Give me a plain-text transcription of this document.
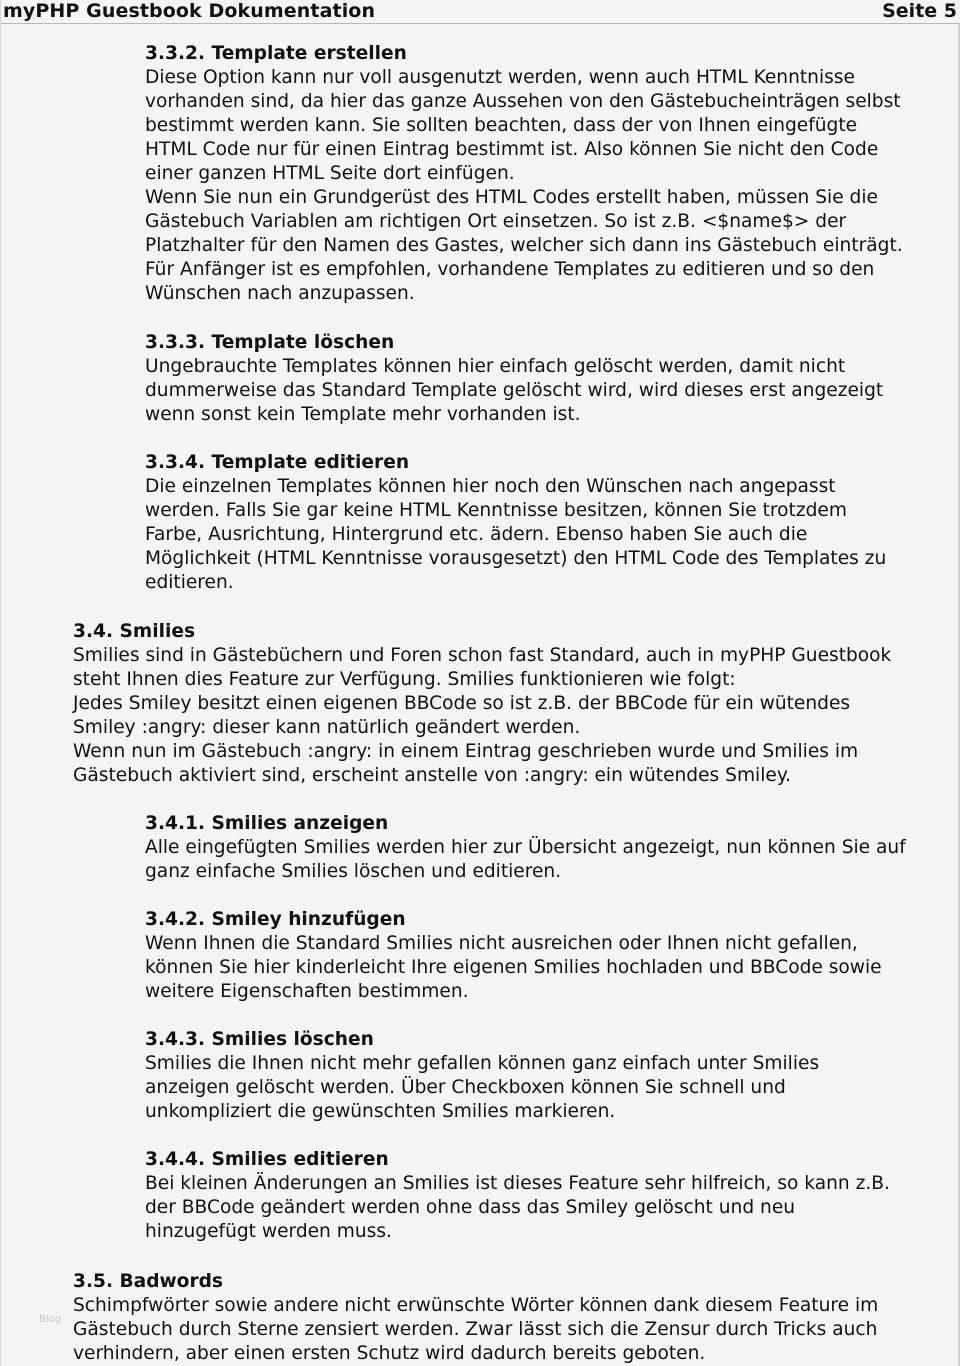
myPHP Guestbook Dokumentation	Seite 5
3.3.2. Template erstellen
Diese Option kann nur voll ausgenutzt werden, wenn auch HTML Kenntnisse
vorhanden sind, da hier das ganze Aussehen von den Gästebucheinträgen selbst
bestimmt werden kann. Sie sollten beachten, dass der von Ihnen eingefügte
HTML Code nur für einen Eintrag bestimmt ist. Also können Sie nicht den Code
einer ganzen HTML Seite dort einfügen.
Wenn Sie nun ein Grundgerüst des HTML Codes erstellt haben, müssen Sie die
Gästebuch Variablen am richtigen Ort einsetzen. So ist z.B. <$name$> der
Platzhalter für den Namen des Gastes, welcher sich dann ins Gästebuch einträgt.
Für Anfänger ist es empfohlen, vorhandene Templates zu editieren und so den
Wünschen nach anzupassen.
3.3.3. Template löschen
Ungebrauchte Templates können hier einfach gelöscht werden, damit nicht
dummerweise das Standard Template gelöscht wird, wird dieses erst angezeigt
wenn sonst kein Template mehr vorhanden ist.
3.3.4. Template editieren
Die einzelnen Templates können hier noch den Wünschen nach angepasst
werden. Falls Sie gar keine HTML Kenntnisse besitzen, können Sie trotzdem
Farbe, Ausrichtung, Hintergrund etc. ädern. Ebenso haben Sie auch die
Möglichkeit (HTML Kenntnisse vorausgesetzt) den HTML Code des Templates zu
editieren.
3.4. Smilies
Smilies sind in Gästebüchern und Foren schon fast Standard, auch in myPHP Guestbook
steht Ihnen dies Feature zur Verfügung. Smilies funktionieren wie folgt:
Jedes Smiley besitzt einen eigenen BBCode so ist z.B. der BBCode für ein wütendes
Smiley :angry: dieser kann natürlich geändert werden.
Wenn nun im Gästebuch :angry: in einem Eintrag geschrieben wurde und Smilies im
Gästebuch aktiviert sind, erscheint anstelle von :angry: ein wütendes Smiley.
3.4.1. Smilies anzeigen
Alle eingefügten Smilies werden hier zur Übersicht angezeigt, nun können Sie auf
ganz einfache Smilies löschen und editieren.
3.4.2. Smiley hinzufügen
Wenn Ihnen die Standard Smilies nicht ausreichen oder Ihnen nicht gefallen,
können Sie hier kinderleicht Ihre eigenen Smilies hochladen und BBCode sowie
weitere Eigenschaften bestimmen.
3.4.3. Smilies löschen
Smilies die Ihnen nicht mehr gefallen können ganz einfach unter Smilies
anzeigen gelöscht werden. Über Checkboxen können Sie schnell und
unkompliziert die gewünschten Smilies markieren.
3.4.4. Smilies editieren
Bei kleinen Änderungen an Smilies ist dieses Feature sehr hilfreich, so kann z.B.
der BBCode geändert werden ohne dass das Smiley gelöscht und neu
hinzugefügt werden muss.
3.5. Badwords
Schimpfwörter sowie andere nicht erwünschte Wörter können dank diesem Feature im
Gästebuch durch Sterne zensiert werden. Zwar lässt sich die Zensur durch Tricks auch
verhindern, aber einen ersten Schutz wird dadurch bereits geboten.
Blog
